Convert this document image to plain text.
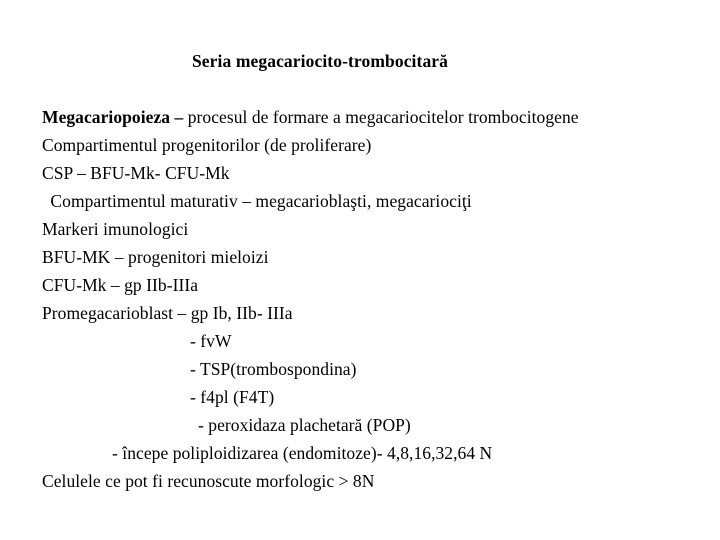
Seria megacariocito-trombocitară
Megacariopoieza – procesul de formare a megacariocitelor trombocitogene
Compartimentul progenitorilor (de proliferare)
CSP – BFU-Mk- CFU-Mk
Compartimentul maturativ – megacarioblaşti, megacariociţi
Markeri imunologici
BFU-MK – progenitori mieloizi
CFU-Mk – gp IIb-IIIa
Promegacarioblast – gp Ib, IIb- IIIa
- fvW
- TSP(trombospondina)
- f4pl (F4T)
- peroxidaza plachetară (POP)
- începe poliploidizarea (endomitoze)- 4,8,16,32,64 N
Celulele ce pot fi recunoscute morfologic > 8N
